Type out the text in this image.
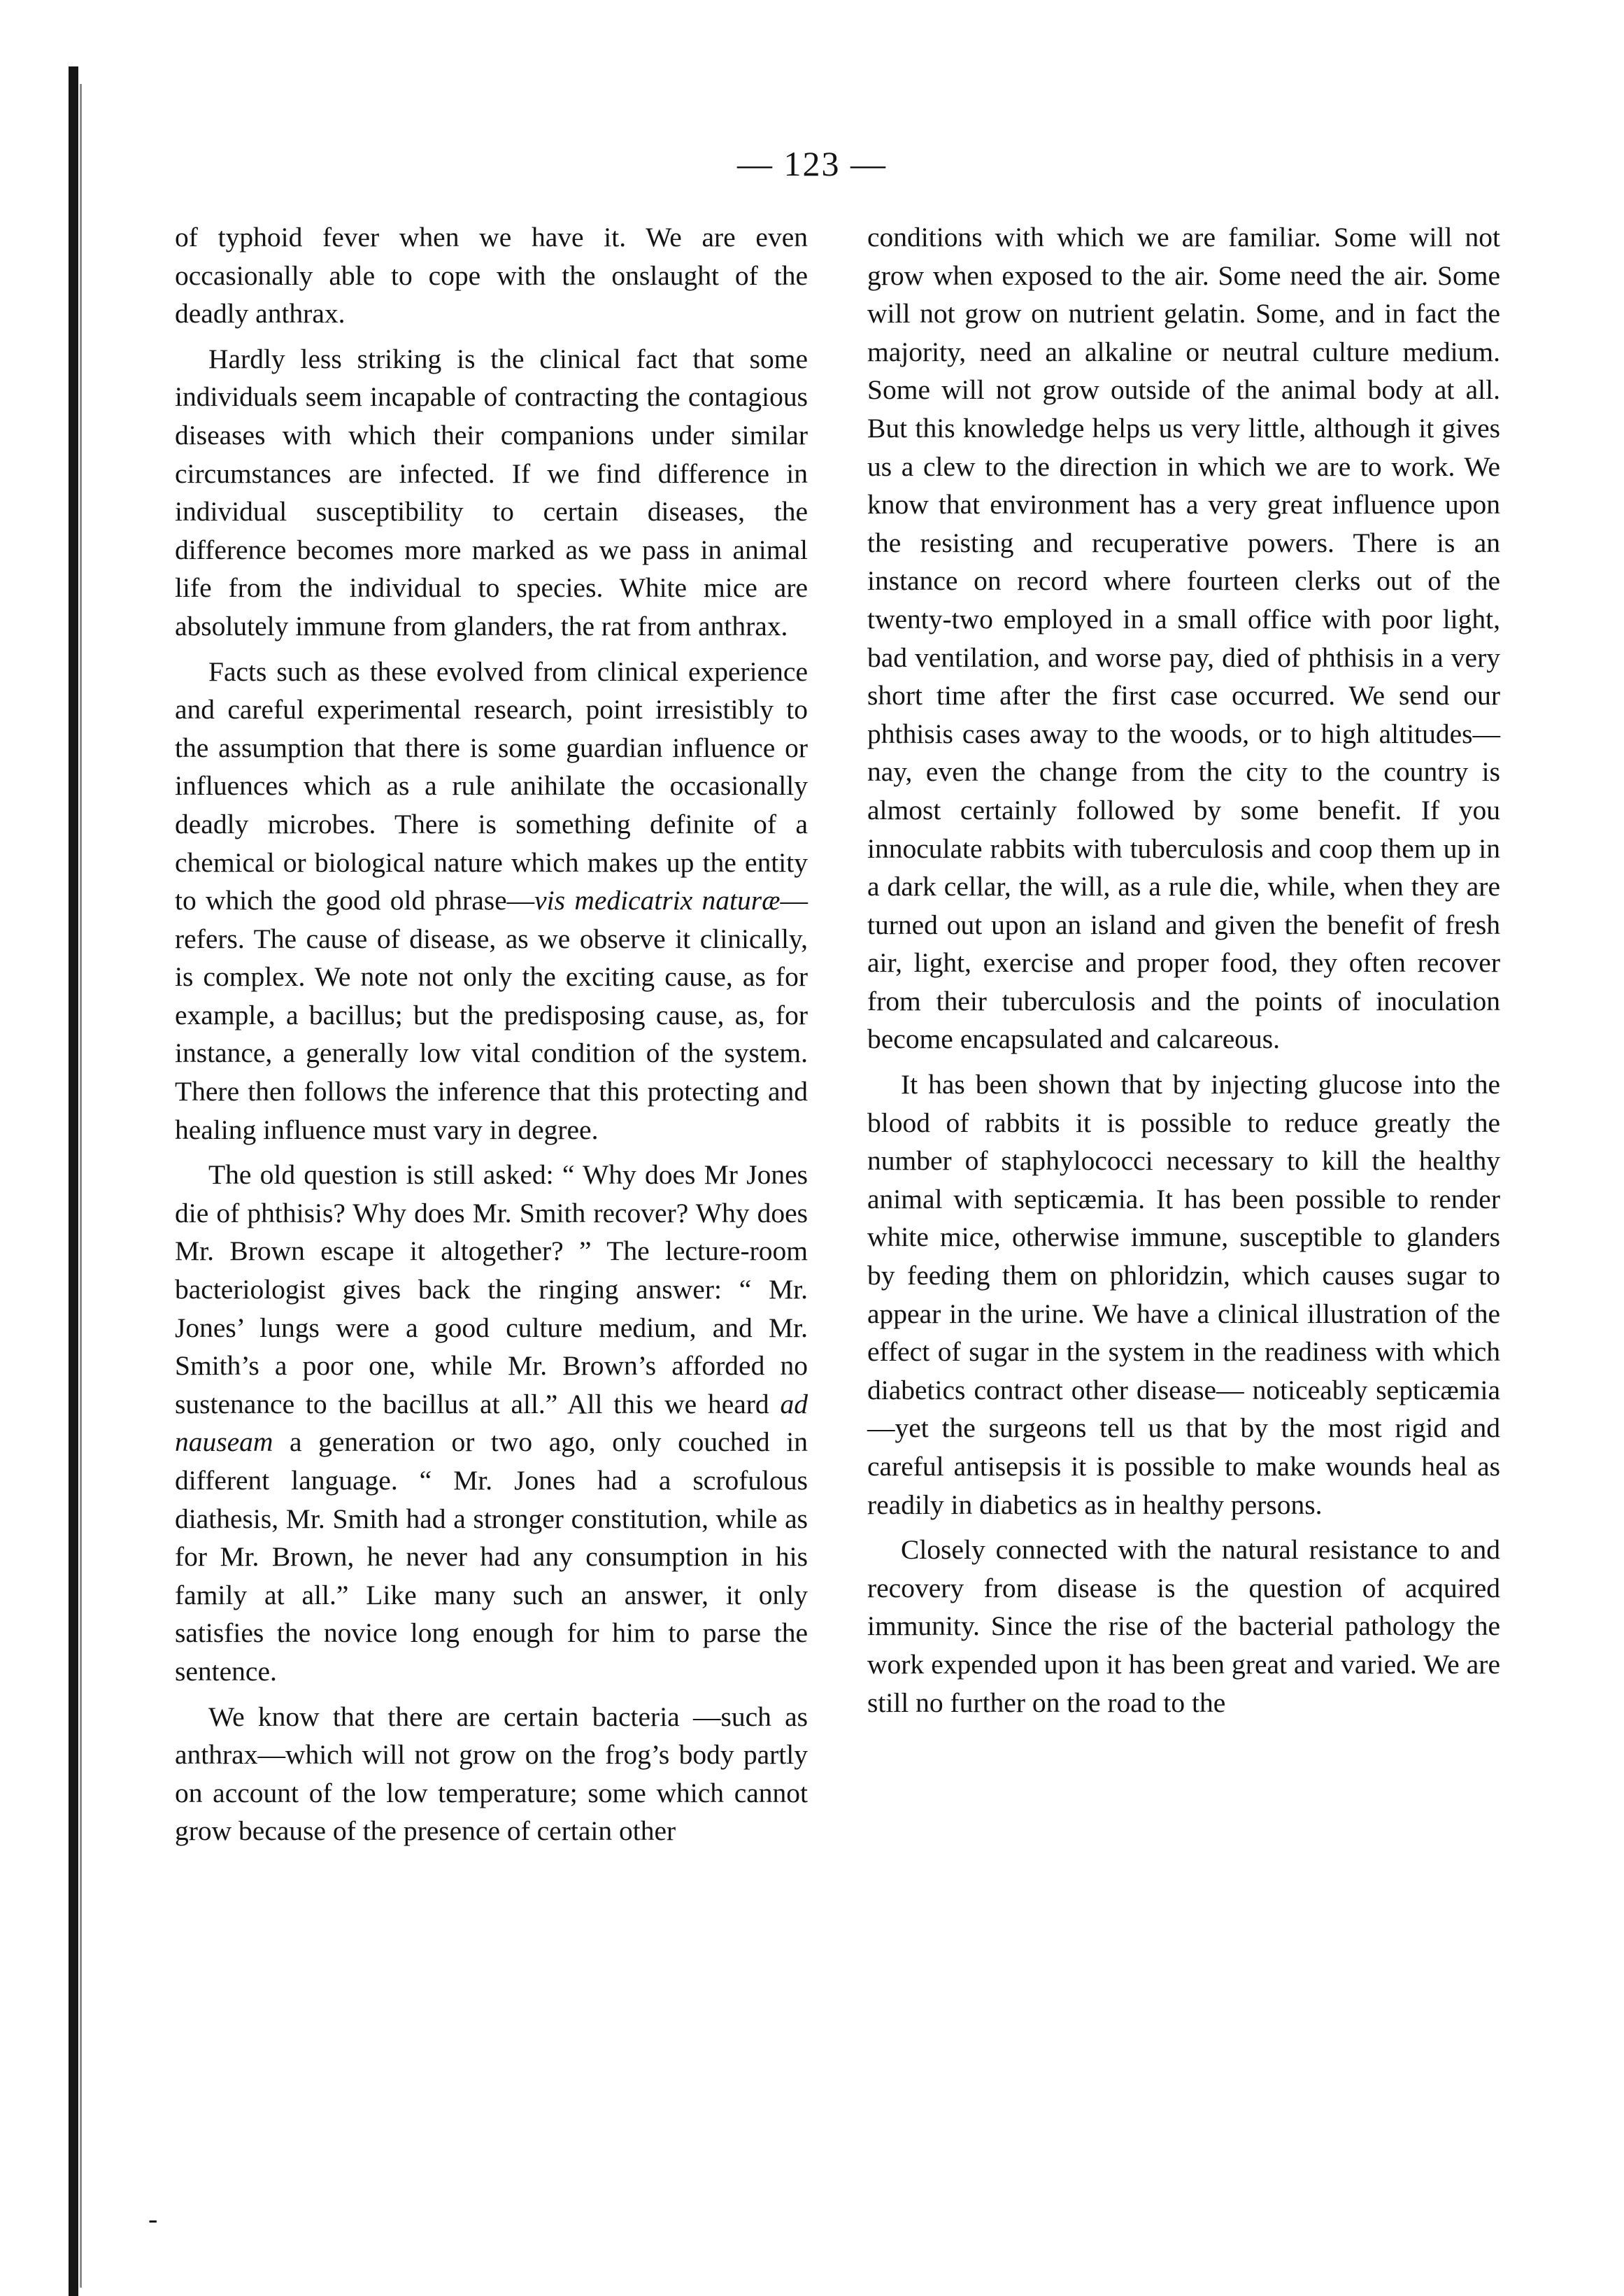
— 123 —

of typhoid fever when we have it. We are even occasionally able to cope with the onslaught of the deadly anthrax.

Hardly less striking is the clinical fact that some individuals seem incapable of contracting the contagious diseases with which their companions under similar circumstances are infected. If we find difference in individual susceptibility to certain diseases, the difference becomes more marked as we pass in animal life from the individual to species. White mice are absolutely immune from glanders, the rat from anthrax.

Facts such as these evolved from clinical experience and careful experimental research, point irresistibly to the assumption that there is some guardian influence or influences which as a rule anihilate the occasionally deadly microbes. There is something definite of a chemical or biological nature which makes up the entity to which the good old phrase—vis medicatrix naturæ—refers. The cause of disease, as we observe it clinically, is complex. We note not only the exciting cause, as for example, a bacillus; but the predisposing cause, as, for instance, a generally low vital condition of the system. There then follows the inference that this protecting and healing influence must vary in degree.

The old question is still asked: “ Why does Mr Jones die of phthisis? Why does Mr. Smith recover? Why does Mr. Brown escape it altogether? ” The lecture-room bacteriologist gives back the ringing answer: “ Mr. Jones’ lungs were a good culture medium, and Mr. Smith’s a poor one, while Mr. Brown’s afforded no sustenance to the bacillus at all.” All this we heard ad nauseam a generation or two ago, only couched in different language. “ Mr. Jones had a scrofulous diathesis, Mr. Smith had a stronger constitution, while as for Mr. Brown, he never had any consumption in his family at all.” Like many such an answer, it only satisfies the novice long enough for him to parse the sentence.

We know that there are certain bacteria —such as anthrax—which will not grow on the frog’s body partly on account of the low temperature; some which cannot grow because of the presence of certain other

-

conditions with which we are familiar. Some will not grow when exposed to the air. Some need the air. Some will not grow on nutrient gelatin. Some, and in fact the majority, need an alkaline or neutral culture medium. Some will not grow outside of the animal body at all. But this knowledge helps us very little, although it gives us a clew to the direction in which we are to work. We know that environment has a very great influence upon the resisting and recuperative powers. There is an instance on record where fourteen clerks out of the twenty-two employed in a small office with poor light, bad ventilation, and worse pay, died of phthisis in a very short time after the first case occurred. We send our phthisis cases away to the woods, or to high altitudes—nay, even the change from the city to the country is almost certainly followed by some benefit. If you innoculate rabbits with tuberculosis and coop them up in a dark cellar, the will, as a rule die, while, when they are turned out upon an island and given the benefit of fresh air, light, exercise and proper food, they often recover from their tuberculosis and the points of inoculation become encapsulated and calcareous.

It has been shown that by injecting glucose into the blood of rabbits it is possible to reduce greatly the number of staphylococci necessary to kill the healthy animal with septicæmia. It has been possible to render white mice, otherwise immune, susceptible to glanders by feeding them on phloridzin, which causes sugar to appear in the urine. We have a clinical illustration of the effect of sugar in the system in the readiness with which diabetics contract other disease— noticeably septicæmia—yet the surgeons tell us that by the most rigid and careful antisepsis it is possible to make wounds heal as readily in diabetics as in healthy persons.

Closely connected with the natural resistance to and recovery from disease is the question of acquired immunity. Since the rise of the bacterial pathology the work expended upon it has been great and varied. We are still no further on the road to the
